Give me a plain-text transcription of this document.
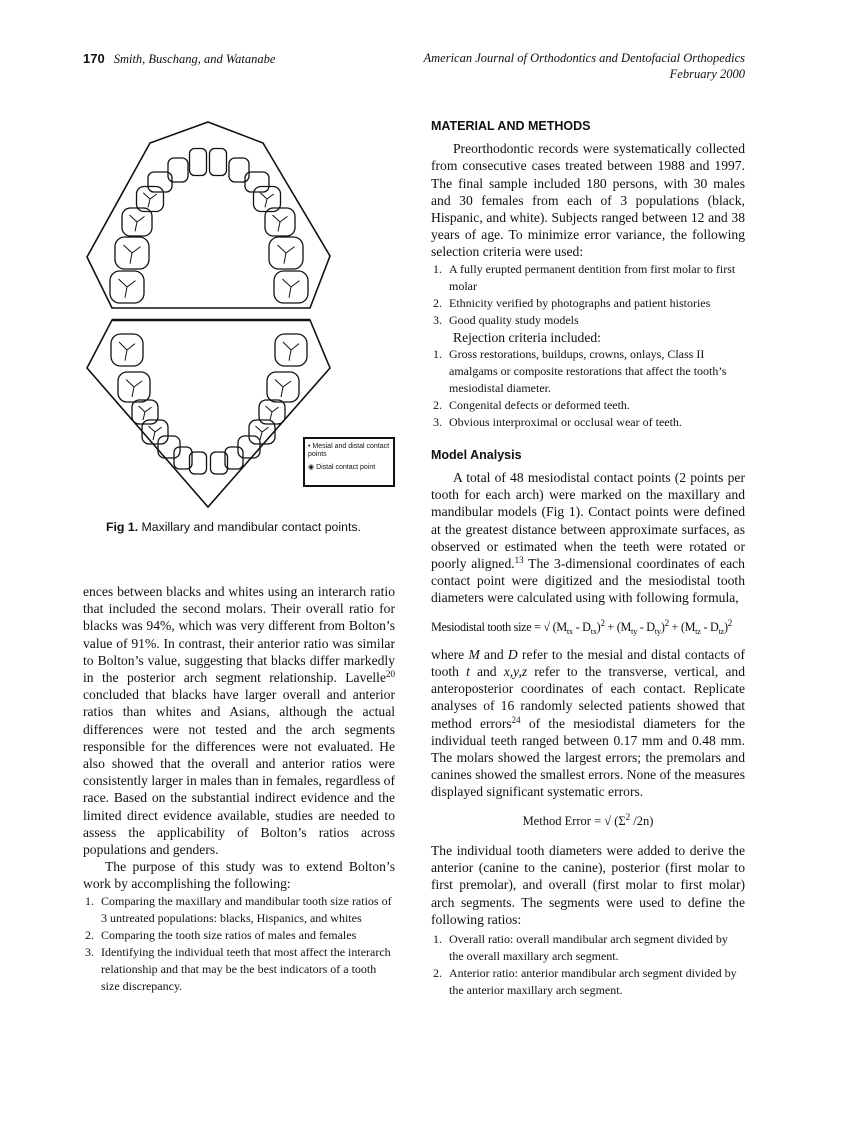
170 Smith, Buschang, and Watanabe	American Journal of Orthodontics and Dentofacial Orthopedics
February 2000
• Mesial and distal contact points
◉ Distal contact point
Fig 1. Maxillary and mandibular contact points.

ences between blacks and whites using an interarch ratio that included the second molars. Their overall ratio for blacks was 94%, which was very different from Bolton’s value of 91%. In contrast, their anterior ratio was similar to Bolton’s value, suggesting that blacks differ markedly in the posterior arch segment relationship. Lavelle$^{20}$ concluded that blacks have larger overall and anterior ratios than whites and Asians, although the actual differences were not tested and the arch segments responsible for the differences were not evaluated. He also showed that the overall and anterior ratios were consistently larger in males than in females, regardless of race. Based on the substantial indirect evidence and the limited direct evidence available, studies are needed to assess the applicability of Bolton’s ratios across populations and genders.

The purpose of this study was to extend Bolton’s work by accomplishing the following:

1. Comparing the maxillary and mandibular tooth size ratios of 3 untreated populations: blacks, Hispanics, and whites
2. Comparing the tooth size ratios of males and females
3. Identifying the individual teeth that most affect the interarch relationship and that may be the best indicators of a tooth size discrepancy.
MATERIAL AND METHODS

Preorthodontic records were systematically collected from consecutive cases treated between 1988 and 1997. The final sample included 180 persons, with 30 males and 30 females from each of 3 populations (black, Hispanic, and white). Subjects ranged between 12 and 38 years of age. To minimize error variance, the following selection criteria were used:

1. A fully erupted permanent dentition from first molar to first molar
2. Ethnicity verified by photographs and patient histories
3. Good quality study models

Rejection criteria included:

1. Gross restorations, buildups, crowns, onlays, Class II amalgams or composite restorations that affect the tooth’s mesiodistal diameter.
2. Congenital defects or deformed teeth.
3. Obvious interproximal or occlusal wear of teeth.
Model Analysis

A total of 48 mesiodistal contact points (2 points per tooth for each arch) were marked on the maxillary and mandibular models (Fig 1). Contact points were defined at the greatest distance between approximate surfaces, as observed or estimated when the teeth were rotated or poorly aligned.$^{13}$ The 3-dimensional coordinates of each contact point were digitized and the mesiodistal tooth diameters were calculated using with following formula,

Mesiodistal tooth size = √ $(M_{tx} - D_{tx})^2 + (M_{ty} - D_{ty})^2 + (M_{tz} - D_{tz})^2$

where M and D refer to the mesial and distal contacts of tooth t and x,y,z refer to the transverse, vertical, and anteroposterior coordinates of each contact. Replicate analyses of 16 randomly selected patients showed that method errors$^{24}$ of the mesiodistal diameters for the individual teeth ranged between 0.17 mm and 0.48 mm. The molars showed the largest errors; the premolars and canines showed the smallest errors. None of the measures displayed significant systematic errors.

Method Error = √ ($\Sigma^2$ /2n)

The individual tooth diameters were added to derive the anterior (canine to the canine), posterior (first molar to first premolar), and overall (first molar to first molar) arch segments. The segments were used to define the following ratios:

1. Overall ratio: overall mandibular arch segment divided by the overall maxillary arch segment.
2. Anterior ratio: anterior mandibular arch segment divided by the anterior maxillary arch segment.
